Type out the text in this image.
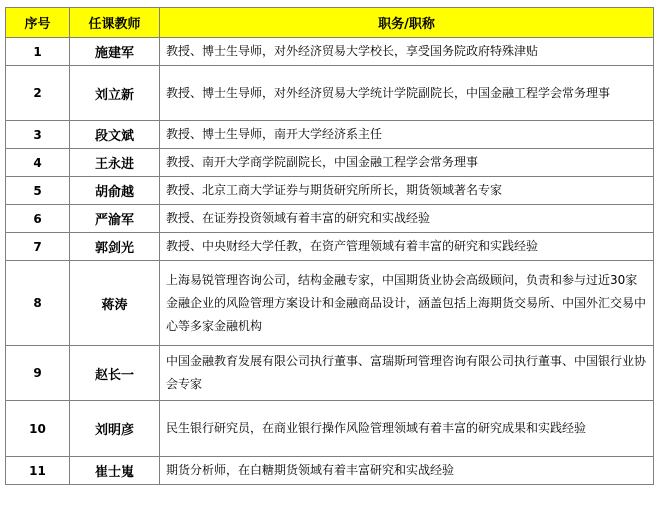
序号	任课教师	职务/职称
1	施建军	教授、博士生导师，对外经济贸易大学校长，享受国务院政府特殊津贴
2	刘立新	教授、博士生导师，对外经济贸易大学统计学院副院长，中国金融工程学会常务理事
3	段文斌	教授、博士生导师，南开大学经济系主任
4	王永进	教授、南开大学商学院副院长，中国金融工程学会常务理事
5	胡俞越	教授、北京工商大学证券与期货研究所所长，期货领域著名专家
6	严渝军	教授、在证券投资领域有着丰富的研究和实战经验
7	郭剑光	教授、中央财经大学任教，在资产管理领域有着丰富的研究和实践经验
8	蒋涛	上海易锐管理咨询公司，结构金融专家，中国期货业协会高级顾问，负责和参与过近30家金融企业的风险管理方案设计和金融商品设计，涵盖包括上海期货交易所、中国外汇交易中心等多家金融机构
9	赵长一	中国金融教育发展有限公司执行董事、富瑞斯珂管理咨询有限公司执行董事、中国银行业协会专家
10	刘明彦	民生银行研究员，在商业银行操作风险管理领域有着丰富的研究成果和实践经验
11	崔士嵬	期货分析师，在白糖期货领域有着丰富研究和实战经验
